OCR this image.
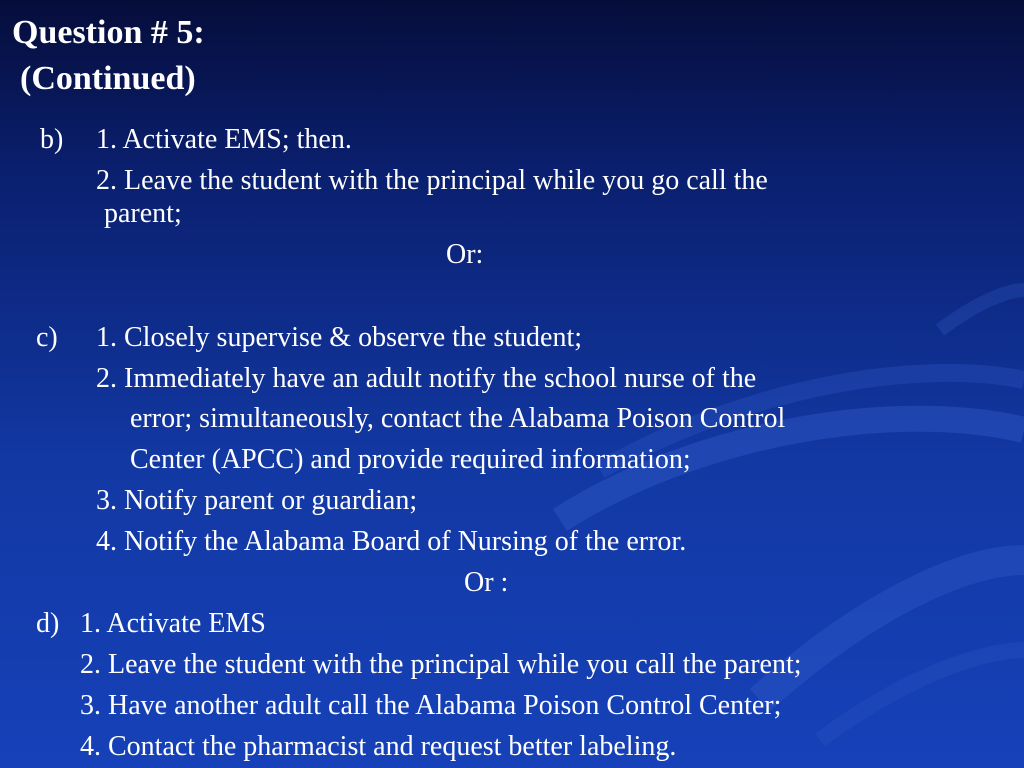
Question # 5:
(Continued)
b) 1. Activate EMS; then.
2. Leave the student with the principal while you go call the
parent;
Or:
c) 1. Closely supervise & observe the student;
2. Immediately have an adult notify the school nurse of the
error; simultaneously, contact the Alabama Poison Control
Center (APCC) and provide required information;
3. Notify parent or guardian;
4. Notify the Alabama Board of Nursing of the error.
Or :
d) 1. Activate EMS
2. Leave the student with the principal while you call the parent;
3. Have another adult call the Alabama Poison Control Center;
4. Contact the pharmacist and request better labeling.
